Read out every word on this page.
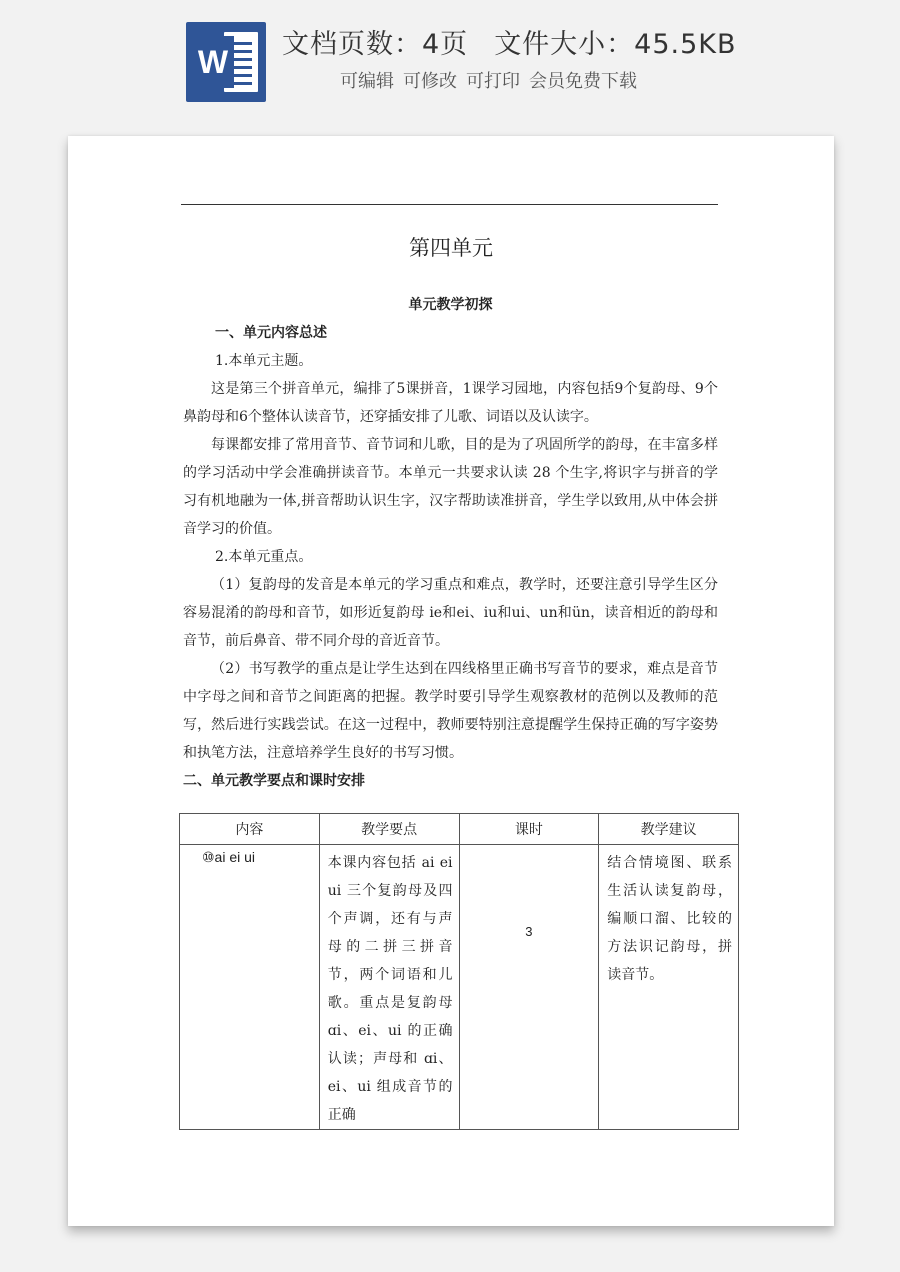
W 文档页数：4页 文件大小：45.5KB
可编辑 可修改 可打印 会员免费下载
第四单元
单元教学初探
一、单元内容总述
1.本单元主题。
这是第三个拼音单元，编排了5课拼音，1课学习园地，内容包括9个复韵母、9个鼻韵母和6个整体认读音节，还穿插安排了儿歌、词语以及认读字。
每课都安排了常用音节、音节词和儿歌，目的是为了巩固所学的韵母，在丰富多样的学习活动中学会准确拼读音节。本单元一共要求认读 28 个生字,将识字与拼音的学习有机地融为一体,拼音帮助认识生字，汉字帮助读准拼音，学生学以致用,从中体会拼音学习的价值。
2.本单元重点。
（1）复韵母的发音是本单元的学习重点和难点，教学时，还要注意引导学生区分容易混淆的韵母和音节，如形近复韵母 ie和ei、iu和ui、un和ün，读音相近的韵母和音节，前后鼻音、带不同介母的音近音节。
（2）书写教学的重点是让学生达到在四线格里正确书写音节的要求，难点是音节中字母之间和音节之间距离的把握。教学时要引导学生观察教材的范例以及教师的范写，然后进行实践尝试。在这一过程中，教师要特别注意提醒学生保持正确的写字姿势和执笔方法，注意培养学生良好的书写习惯。
二、单元教学要点和课时安排
内容	教学要点	课时	教学建议
⑩ai ei ui	本课内容包括 ai ei ui 三个复韵母及四个声调，还有与声母的二拼三拼音节，两个词语和儿歌。重点是复韵母 ɑi、ei、ui 的正确认读；声母和 ɑi、ei、ui 组成音节的正确	3	结合情境图、联系生活认读复韵母，编顺口溜、比较的方法识记韵母，拼读音节。
